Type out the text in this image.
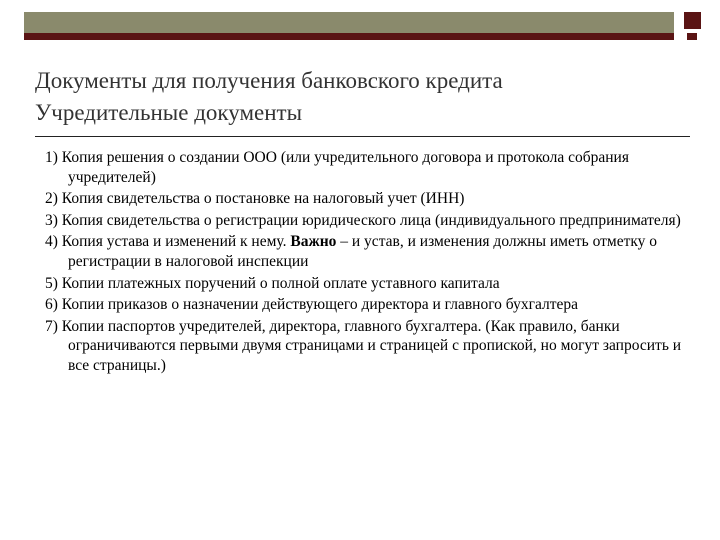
Документы для получения банковского кредита
Учредительные документы
1) Копия решения о создании ООО (или учредительного договора и протокола собрания учредителей)
2) Копия свидетельства о постановке на налоговый учет (ИНН)
3) Копия свидетельства о регистрации юридического лица (индивидуального предпринимателя)
4) Копия устава и изменений к нему. Важно – и устав, и изменения должны иметь отметку о регистрации в налоговой инспекции
5) Копии платежных поручений о полной оплате уставного капитала
6) Копии приказов о назначении действующего директора и главного бухгалтера
7) Копии паспортов учредителей, директора, главного бухгалтера. (Как правило, банки ограничиваются первыми двумя страницами и страницей с пропиской, но могут запросить и все страницы.)
